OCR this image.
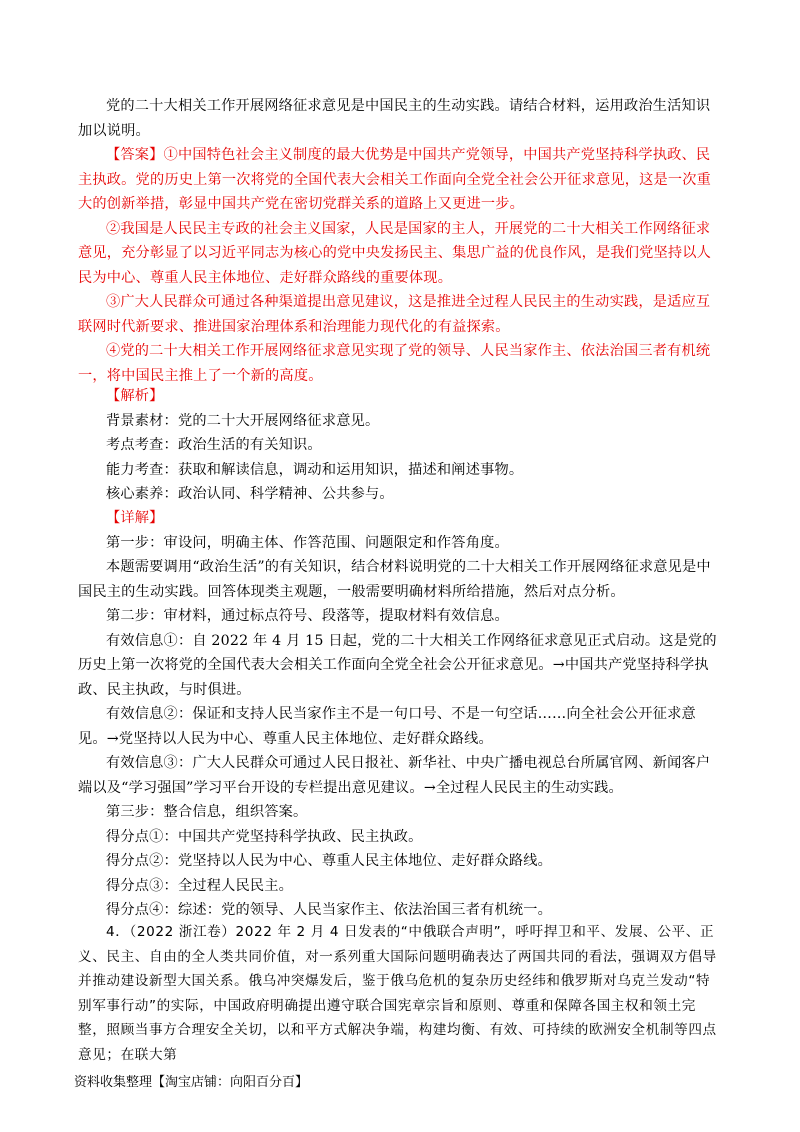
党的二十大相关工作开展网络征求意见是中国民主的生动实践。请结合材料，运用政治生活知识加以说明。

【答案】①中国特色社会主义制度的最大优势是中国共产党领导，中国共产党坚持科学执政、民主执政。党的历史上第一次将党的全国代表大会相关工作面向全党全社会公开征求意见，这是一次重大的创新举措，彰显中国共产党在密切党群关系的道路上又更进一步。

②我国是人民民主专政的社会主义国家，人民是国家的主人，开展党的二十大相关工作网络征求意见，充分彰显了以习近平同志为核心的党中央发扬民主、集思广益的优良作风，是我们党坚持以人民为中心、尊重人民主体地位、走好群众路线的重要体现。

③广大人民群众可通过各种渠道提出意见建议，这是推进全过程人民民主的生动实践，是适应互联网时代新要求、推进国家治理体系和治理能力现代化的有益探索。

④党的二十大相关工作开展网络征求意见实现了党的领导、人民当家作主、依法治国三者有机统一，将中国民主推上了一个新的高度。

【解析】

背景素材：党的二十大开展网络征求意见。

考点考查：政治生活的有关知识。

能力考查：获取和解读信息，调动和运用知识，描述和阐述事物。

核心素养：政治认同、科学精神、公共参与。

【详解】

第一步：审设问，明确主体、作答范围、问题限定和作答角度。

本题需要调用“政治生活”的有关知识，结合材料说明党的二十大相关工作开展网络征求意见是中国民主的生动实践。回答体现类主观题，一般需要明确材料所给措施，然后对点分析。

第二步：审材料，通过标点符号、段落等，提取材料有效信息。

有效信息①：自 2022 年 4 月 15 日起，党的二十大相关工作网络征求意见正式启动。这是党的历史上第一次将党的全国代表大会相关工作面向全党全社会公开征求意见。→中国共产党坚持科学执政、民主执政，与时俱进。

有效信息②：保证和支持人民当家作主不是一句口号、不是一句空话……向全社会公开征求意见。→党坚持以人民为中心、尊重人民主体地位、走好群众路线。

有效信息③：广大人民群众可通过人民日报社、新华社、中央广播电视总台所属官网、新闻客户端以及“学习强国”学习平台开设的专栏提出意见建议。→全过程人民民主的生动实践。

第三步：整合信息，组织答案。

得分点①：中国共产党坚持科学执政、民主执政。

得分点②：党坚持以人民为中心、尊重人民主体地位、走好群众路线。

得分点③：全过程人民民主。

得分点④：综述：党的领导、人民当家作主、依法治国三者有机统一。

4．（2022 浙江卷）2022 年 2 月 4 日发表的“中俄联合声明”，呼吁捍卫和平、发展、公平、正义、民主、自由的全人类共同价值，对一系列重大国际问题明确表达了两国共同的看法，强调双方倡导并推动建设新型大国关系。俄乌冲突爆发后，鉴于俄乌危机的复杂历史经纬和俄罗斯对乌克兰发动“特别军事行动”的实际，中国政府明确提出遵守联合国宪章宗旨和原则、尊重和保障各国主权和领土完整，照顾当事方合理安全关切，以和平方式解决争端，构建均衡、有效、可持续的欧洲安全机制等四点意见；在联大第

资料收集整理【淘宝店铺：向阳百分百】
